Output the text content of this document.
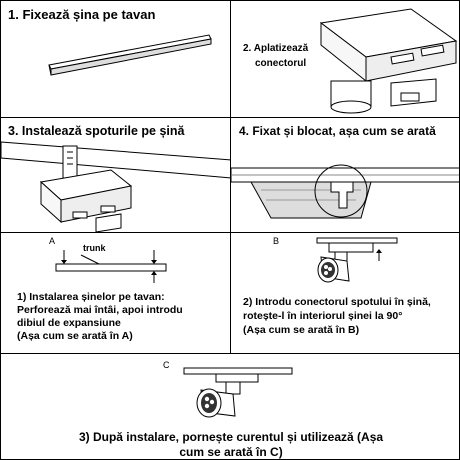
1. Fixează șina pe tavan
2. Aplatizează
conectorul
3. Instalează spoturile pe șină	4. Fixat și blocat, așa cum se arată
A
trunk
1) Instalarea șinelor pe tavan:
Perforează mai întâi, apoi introdu
dibiul de expansiune
(Așa cum se arată în A)
B
2) Introdu conectorul spotului în șină,
rotește-l în interiorul șinei la 90°
(Așa cum se arată în B)
C
3) După instalare, pornește curentul și utilizează (Așa
cum se arată în C)
